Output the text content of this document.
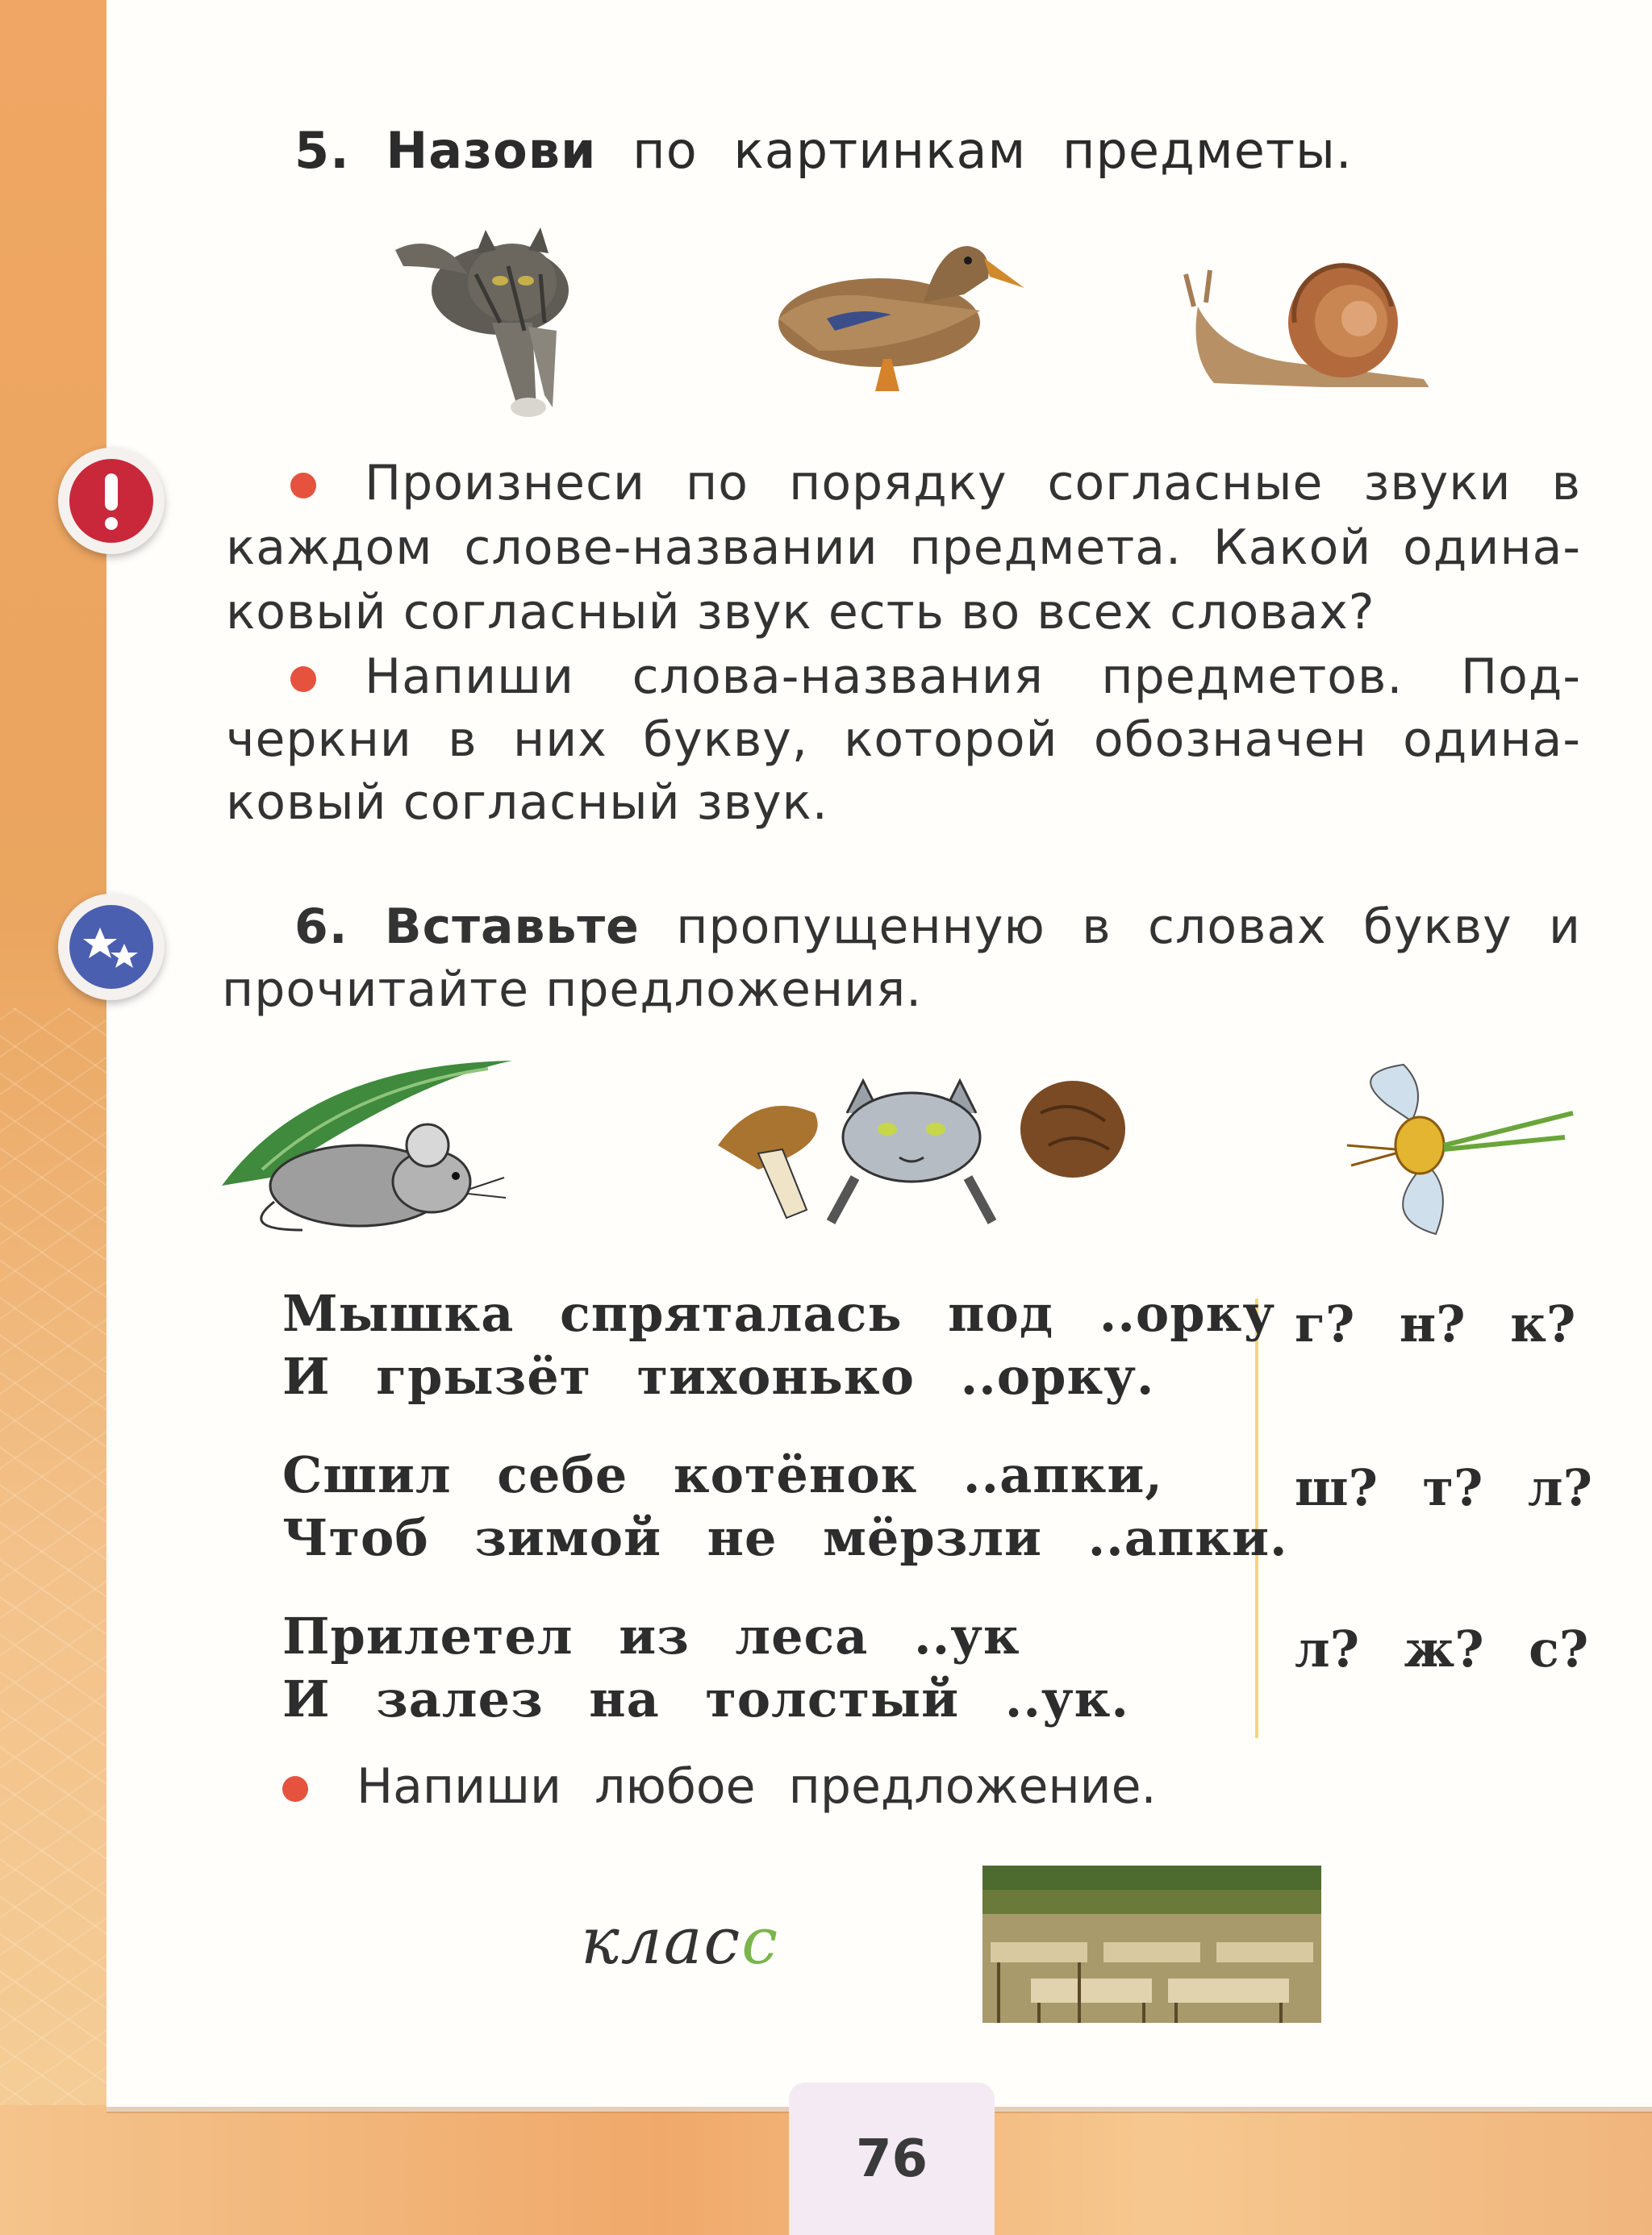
5. Назови по картинкам предметы.
Произнеси по порядку согласные звуки в
каждом слове-названии предмета. Какой одина-
ковый согласный звук есть во всех словах?
Напиши слова-названия предметов. Под-
черкни в них букву, которой обозначен одина-
ковый согласный звук.
6. Вставьте пропущенную в словах букву и
прочитайте предложения.
Мышка спряталась под ..орку
И грызёт тихонько ..орку.
г? н? к?
Сшил себе котёнок ..апки,
Чтоб зимой не мёрзли ..апки.
ш? т? л?
Прилетел из леса ..ук
И залез на толстый ..ук.
л? ж? с?
Напиши любое предложение.
класс
76
